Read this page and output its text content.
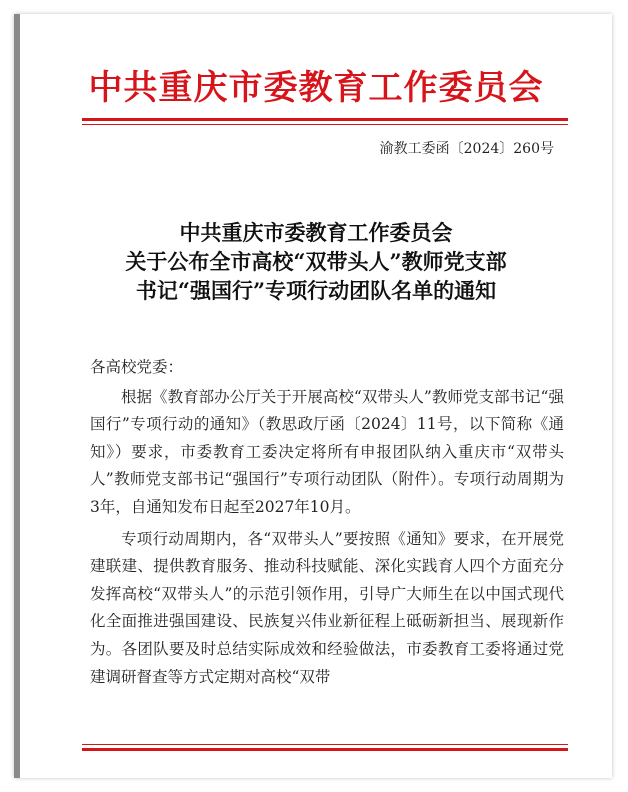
中共重庆市委教育工作委员会
渝教工委函〔2024〕260号
中共重庆市委教育工作委员会
关于公布全市高校“双带头人”教师党支部
书记“强国行”专项行动团队名单的通知

各高校党委：

根据《教育部办公厅关于开展高校“双带头人”教师党支部书记“强国行”专项行动的通知》（教思政厅函〔2024〕11号，以下简称《通知》）要求，市委教育工委决定将所有申报团队纳入重庆市“双带头人”教师党支部书记“强国行”专项行动团队（附件）。专项行动周期为3年，自通知发布日起至2027年10月。

专项行动周期内，各“双带头人”要按照《通知》要求，在开展党建联建、提供教育服务、推动科技赋能、深化实践育人四个方面充分发挥高校“双带头人”的示范引领作用，引导广大师生在以中国式现代化全面推进强国建设、民族复兴伟业新征程上砥砺新担当、展现新作为。各团队要及时总结实际成效和经验做法，市委教育工委将通过党建调研督查等方式定期对高校“双带
